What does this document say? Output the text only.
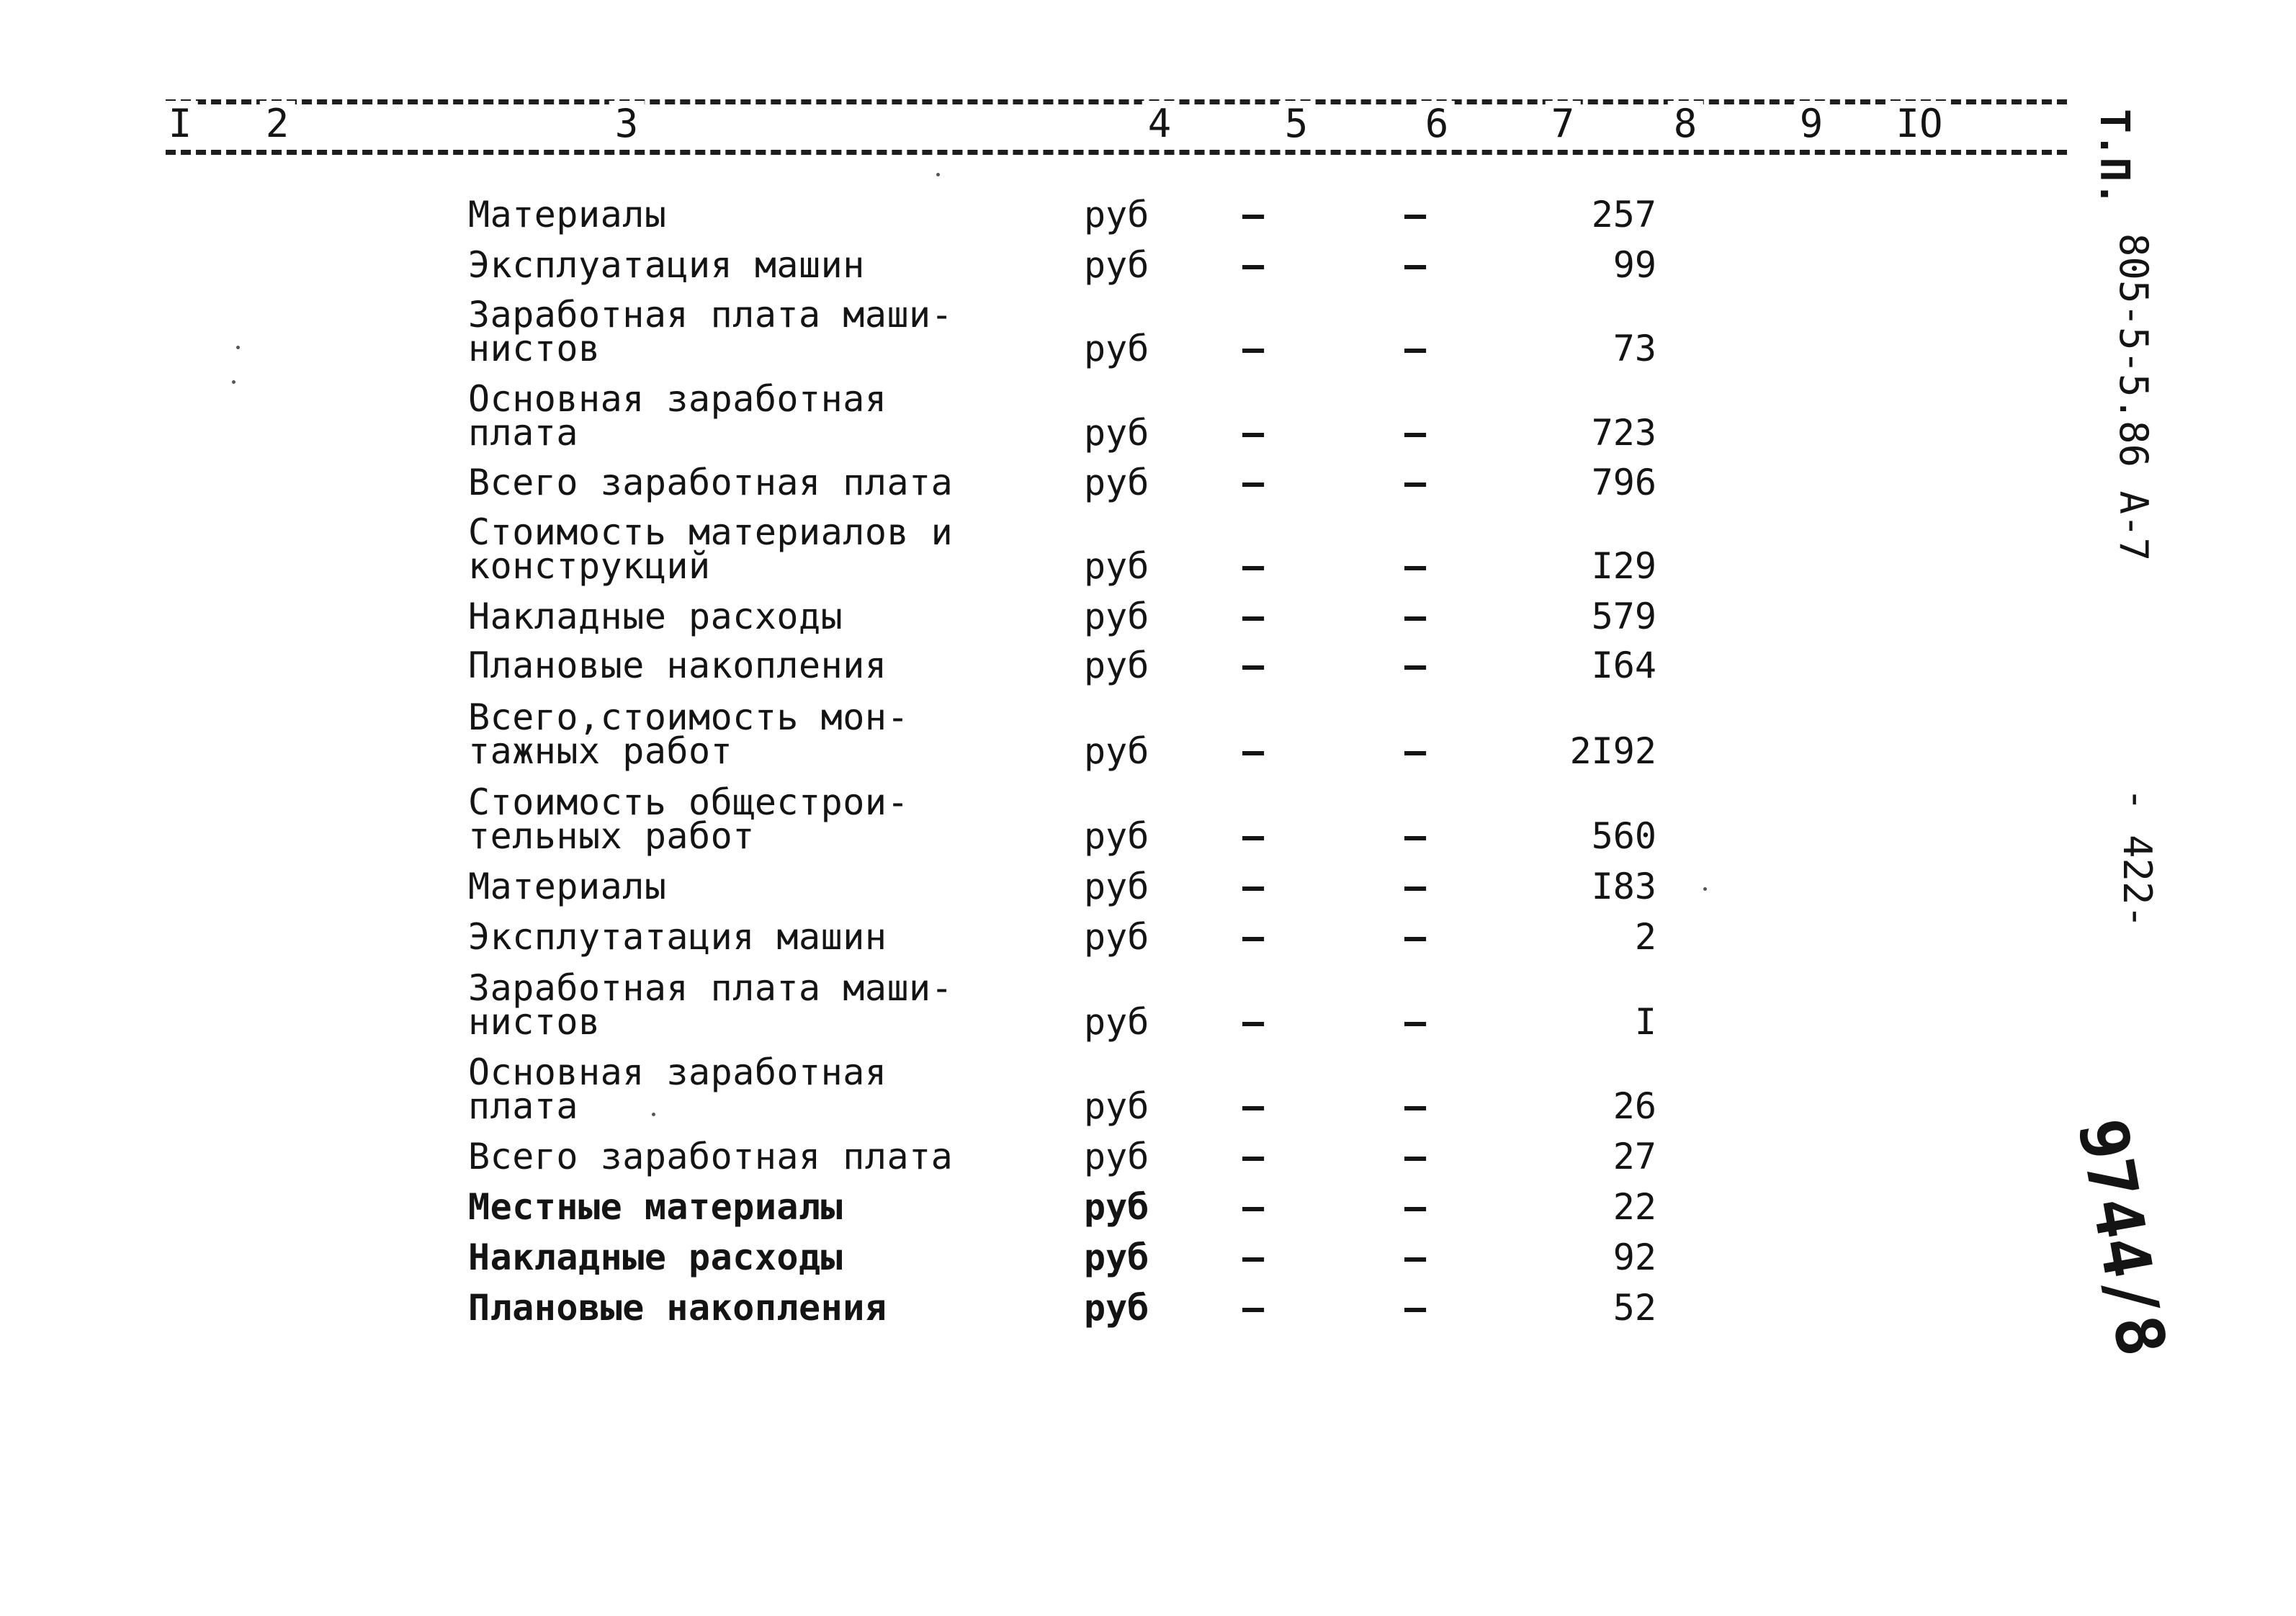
I 2	3	4	5	6	7	8	9 IO	Т.П.
805-5-5.86 А-7
- 422-
9744/8
Материалы	руб	–	–	257
Эксплуатация машин	руб	–	–	99
Заработная плата маши-
нистов	руб	–	–	73
Основная заработная
плата	руб	–	–	723
Всего заработная плата	руб	–	–	796
Стоимость материалов и
конструкций	руб	–	–	I29
Накладные расходы	руб	–	–	579
Плановые накопления	руб	–	–	I64
Всего,стоимость мон-
тажных работ	руб	–	–	2I92
Стоимость общестрои-
тельных работ	руб	–	–	560
Материалы	руб	–	–	I83
Эксплутатация машин	руб	–	–	2
Заработная плата маши-
нистов	руб	–	–	I
Основная заработная
плата	руб	–	–	26
Всего заработная плата	руб	–	–	27
Местные материалы	руб	–	–	22
Накладные расходы	руб	–	–	92
Плановые накопления	руб	–	–	52
